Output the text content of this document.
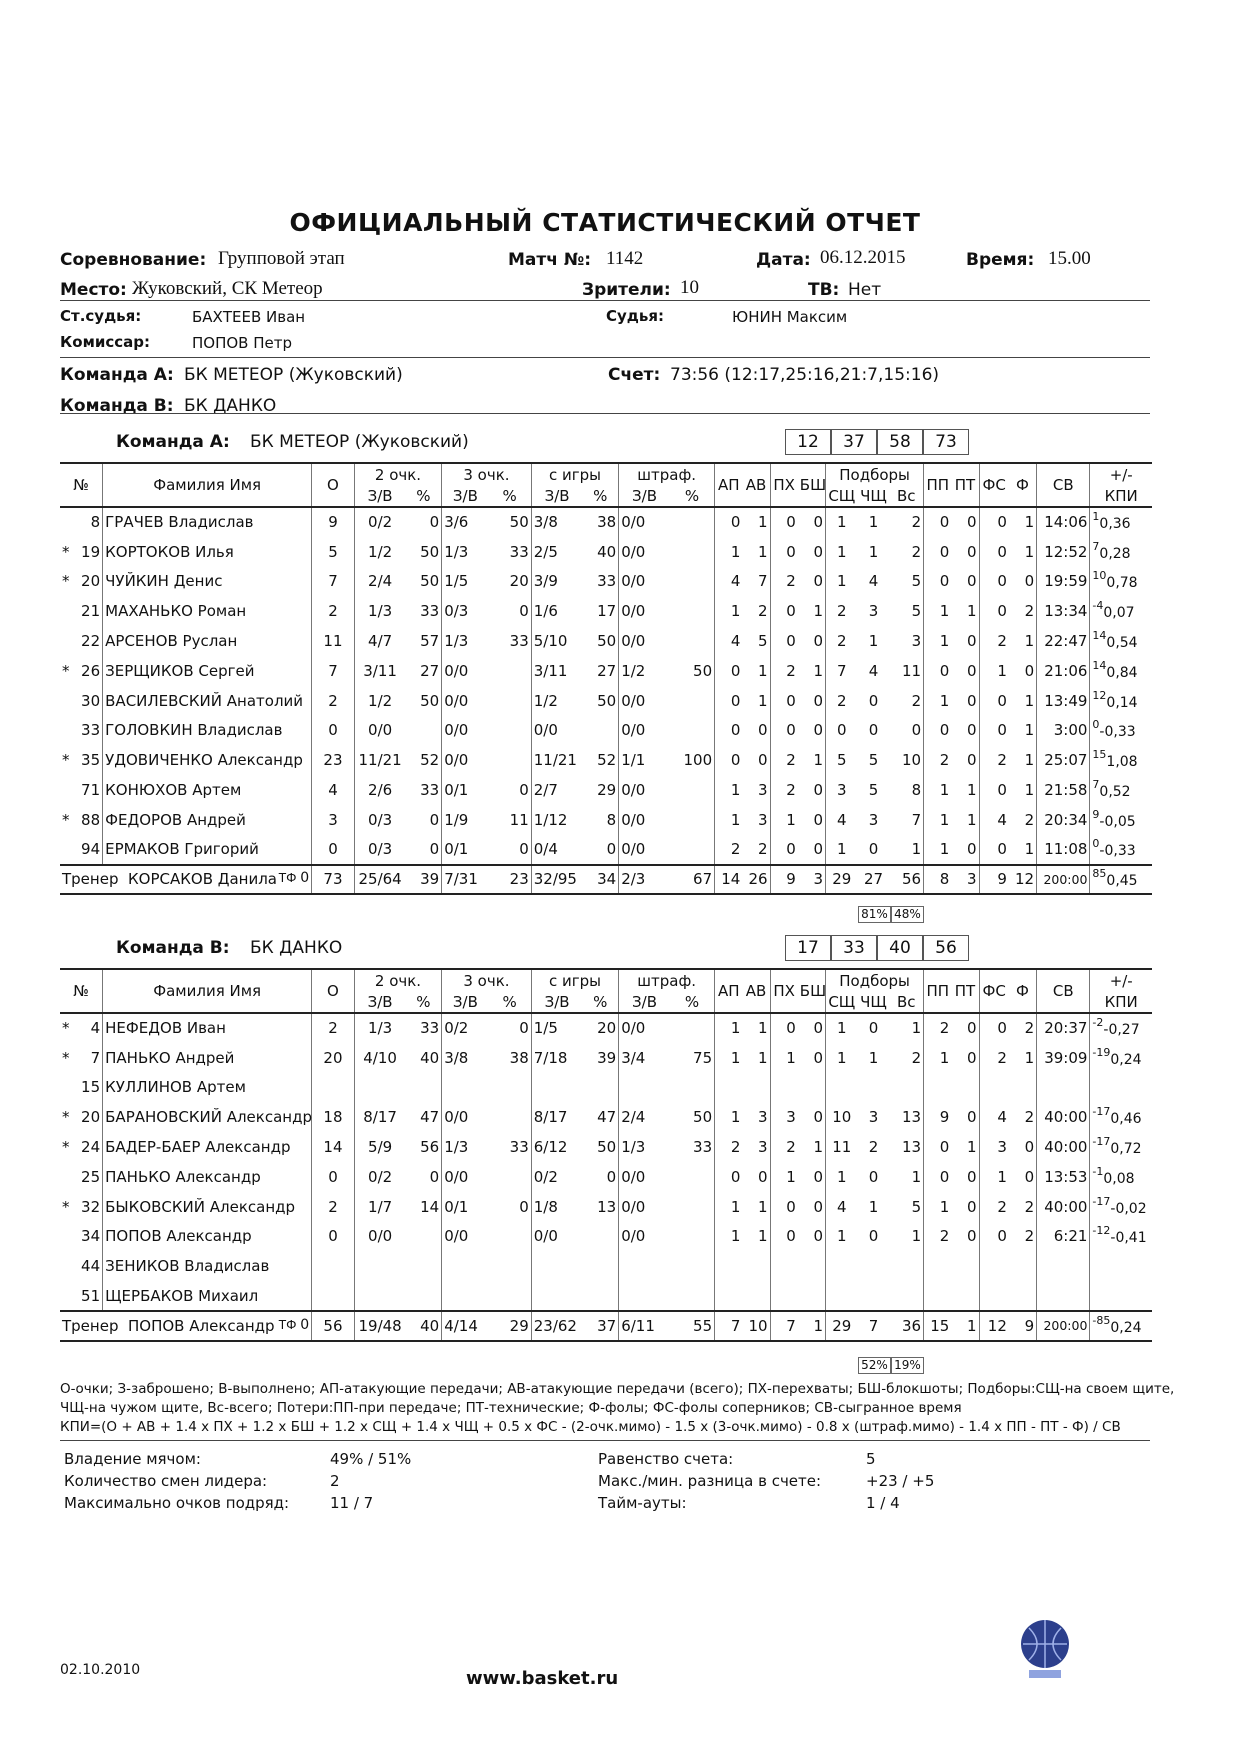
ОФИЦИАЛЬНЫЙ СТАТИСТИЧЕСКИЙ ОТЧЕТ
Соревнование: Групповой этап	Матч №: 1142	Дата: 06.12.2015	Время: 15.00
Место: Жуковский, СК Метеор	Зрители: 10	ТВ: Нет
Ст.судья:	БАХТЕЕВ Иван	Судья:	ЮНИН Максим
Комиссар:	ПОПОВ Петр
Команда А: БК МЕТЕОР (Жуковский)	Счет: 73:56 (12:17,25:16,21:7,15:16)
Команда В: БК ДАНКО
Команда А: БК МЕТЕОР (Жуковский)	12	37	58	73
№	Фамилия Имя	О	2 очк.		3 очк.		с игры		штраф.		АП	АВ	ПХ	БШ	Подборы			ПП	ПТ	ФС	Ф	СВ	+/-
			З/В	%	З/В	%	З/В	%	З/В	%					СЩ	ЧЩ	Вс						КПИ

8	ГРАЧЕВ Владислав	9	0/2	0	3/6	50	3/8	38	0/0		0	1	0	0	1	1	2	0	0	0	1	14:06	$^1$0,36

* 19	КОРТОКОВ Илья	5	1/2	50	1/3	33	2/5	40	0/0		1	1	0	0	1	1	2	0	0	0	1	12:52	$^7$0,28

* 20	ЧУЙКИН Денис	7	2/4	50	1/5	20	3/9	33	0/0		4	7	2	0	1	4	5	0	0	0	0	19:59	$^{10}$0,78

21	МАХАНЬКО Роман	2	1/3	33	0/3	0	1/6	17	0/0		1	2	0	1	2	3	5	1	1	0	2	13:34	$^{-4}$0,07

22	АРСЕНОВ Руслан	11	4/7	57	1/3	33	5/10	50	0/0		4	5	0	0	2	1	3	1	0	2	1	22:47	$^{14}$0,54

* 26	ЗЕРЩИКОВ Сергей	7	3/11	27	0/0		3/11	27	1/2	50	0	1	2	1	7	4	11	0	0	1	0	21:06	$^{14}$0,84

30	ВАСИЛЕВСКИЙ Анатолий	2	1/2	50	0/0		1/2	50	0/0		0	1	0	0	2	0	2	1	0	0	1	13:49	$^{12}$0,14

33	ГОЛОВКИН Владислав	0	0/0		0/0		0/0		0/0		0	0	0	0	0	0	0	0	0	0	1	3:00	$^0$-0,33

* 35	УДОВИЧЕНКО Александр	23	11/21	52	0/0		11/21	52	1/1	100	0	0	2	1	5	5	10	2	0	2	1	25:07	$^{15}$1,08

71	КОНЮХОВ Артем	4	2/6	33	0/1	0	2/7	29	0/0		1	3	2	0	3	5	8	1	1	0	1	21:58	$^7$0,52

* 88	ФЕДОРОВ Андрей	3	0/3	0	1/9	11	1/12	8	0/0		1	3	1	0	4	3	7	1	1	4	2	20:34	$^9$-0,05

94	ЕРМАКОВ Григорий	0	0/3	0	0/1	0	0/4	0	0/0		2	2	0	0	1	0	1	1	0	0	1	11:08	$^0$-0,33
Тренер  КОРСАКОВ Данила ТФ 0		73	25/64	39	7/31	23	32/95	34	2/3	67	14	26	9	3	29	27	56	8	3	9	12	200:00	$^{85}$0,45
81% 48%
Команда В: БК ДАНКО	17	33	40	56
№	Фамилия Имя	О	2 очк.		3 очк.		с игры		штраф.		АП	АВ	ПХ	БШ	Подборы			ПП	ПТ	ФС	Ф	СВ	+/-
			З/В	%	З/В	%	З/В	%	З/В	%					СЩ	ЧЩ	Вс						КПИ

* 4	НЕФЕДОВ Иван	2	1/3	33	0/2	0	1/5	20	0/0		1	1	0	0	1	0	1	2	0	0	2	20:37	$^{-2}$-0,27

* 7	ПАНЬКО Андрей	20	4/10	40	3/8	38	7/18	39	3/4	75	1	1	1	0	1	1	2	1	0	2	1	39:09	$^{-19}$0,24

15	КУЛЛИНОВ Артем																						

* 20	БАРАНОВСКИЙ Александр	18	8/17	47	0/0		8/17	47	2/4	50	1	3	3	0	10	3	13	9	0	4	2	40:00	$^{-17}$0,46

* 24	БАДЕР-БАЕР Александр	14	5/9	56	1/3	33	6/12	50	1/3	33	2	3	2	1	11	2	13	0	1	3	0	40:00	$^{-17}$0,72

25	ПАНЬКО Александр	0	0/2	0	0/0		0/2	0	0/0		0	0	1	0	1	0	1	0	0	1	0	13:53	$^{-1}$0,08

* 32	БЫКОВСКИЙ Александр	2	1/7	14	0/1	0	1/8	13	0/0		1	1	0	0	4	1	5	1	0	2	2	40:00	$^{-17}$-0,02

34	ПОПОВ Александр	0	0/0		0/0		0/0		0/0		1	1	0	0	1	0	1	2	0	0	2	6:21	$^{-12}$-0,41

44	ЗЕНИКОВ Владислав																						

51	ЩЕРБАКОВ Михаил																						
Тренер  ПОПОВ Александр ТФ 0		56	19/48	40	4/14	29	23/62	37	6/11	55	7	10	7	1	29	7	36	15	1	12	9	200:00	$^{-85}$0,24
52% 19%
О-очки; З-заброшено; В-выполнено; АП-атакующие передачи; АВ-атакующие передачи (всего); ПХ-перехваты; БШ-блокшоты; Подборы:СЩ-на своем щите,
ЧЩ-на чужом щите, Вс-всего; Потери:ПП-при передаче; ПТ-технические; Ф-фолы; ФС-фолы соперников; СВ-сыгранное время
КПИ=(О + АВ + 1.4 х ПХ + 1.2 х БШ + 1.2 х СЩ + 1.4 х ЧЩ + 0.5 х ФС - (2-очк.мимо) - 1.5 х (3-очк.мимо) - 0.8 х (штраф.мимо) - 1.4 х ПП - ПТ - Ф) / СВ
Владение мячом:	49% / 51%
Количество смен лидера:	2
Максимально очков подряд:	11 / 7
Равенство счета:	5
Макс./мин. разница в счете:	+23 / +5
Тайм-ауты:	1 / 4
02.10.2010	www.basket.ru
